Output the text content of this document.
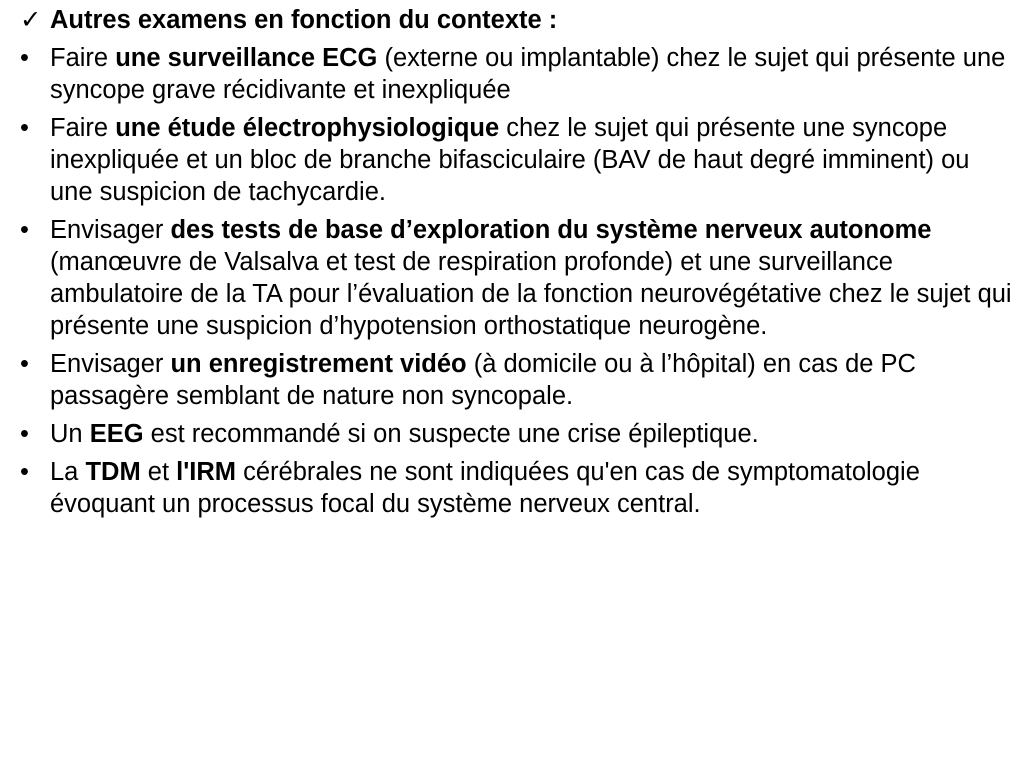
✓ Autres examens en fonction du contexte :
• Faire une surveillance ECG (externe ou implantable) chez le sujet qui présente une syncope grave récidivante et inexpliquée
• Faire une étude électrophysiologique chez le sujet qui présente une syncope inexpliquée et un bloc de branche bifasciculaire (BAV de haut degré imminent) ou une suspicion de tachycardie.
• Envisager des tests de base d’exploration du système nerveux autonome (manœuvre de Valsalva et test de respiration profonde) et une surveillance ambulatoire de la TA pour l’évaluation de la fonction neurovégétative chez le sujet qui présente une suspicion d’hypotension orthostatique neurogène.
• Envisager un enregistrement vidéo (à domicile ou à l’hôpital) en cas de PC passagère semblant de nature non syncopale.
• Un EEG est recommandé si on suspecte une crise épileptique.
• La TDM et l'IRM cérébrales ne sont indiquées qu'en cas de symptomatologie évoquant un processus focal du système nerveux central.
